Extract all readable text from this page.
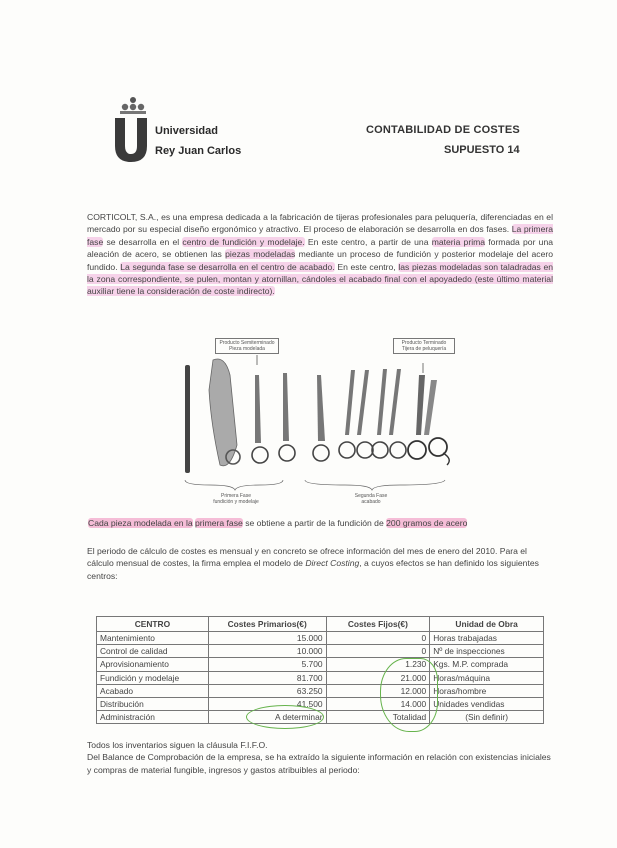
Universidad
Rey Juan Carlos
CONTABILIDAD DE COSTES
SUPUESTO 14
CORTICOLT, S.A., es una empresa dedicada a la fabricación de tijeras profesionales para peluquería, diferenciadas en el mercado por su especial diseño ergonómico y atractivo. El proceso de elaboración se desarrolla en dos fases. La primera fase se desarrolla en el centro de fundición y modelaje. En este centro, a partir de una materia prima formada por una aleación de acero, se obtienen las piezas modeladas mediante un proceso de fundición y posterior modelaje del acero fundido. La segunda fase se desarrolla en el centro de acabado. En este centro, las piezas modeladas son taladradas en la zona correspondiente, se pulen, montan y atornillan, cándoles el acabado final con el apoyadedo (este último material auxiliar tiene la consideración de coste indirecto).
Producto Semiterminado
Pieza modelada
Producto Terminado
Tijera de peluquería
Primera Fase
fundición y modelaje
Segunda Fase
acabado
Cada pieza modelada en la primera fase se obtiene a partir de la fundición de 200 gramos de acero
El periodo de cálculo de costes es mensual y en concreto se ofrece información del mes de enero del 2010. Para el cálculo mensual de costes, la firma emplea el modelo de Direct Costing, a cuyos efectos se han definido los siguientes centros:
CENTRO	Costes Primarios(€)	Costes Fijos(€)	Unidad de Obra
Mantenimiento	15.000	0	Horas trabajadas
Control de calidad	10.000	0	Nº de inspecciones
Aprovisionamiento	5.700	1.230	Kgs. M.P. comprada
Fundición y modelaje	81.700	21.000	Horas/máquina
Acabado	63.250	12.000	Horas/hombre
Distribución	41.500	14.000	Unidades vendidas
Administración	A determinar	Totalidad	(Sin definir)
Todos los inventarios siguen la cláusula F.I.F.O.
Del Balance de Comprobación de la empresa, se ha extraído la siguiente información en relación con existencias iniciales y compras de material fungible, ingresos y gastos atribuibles al periodo:
